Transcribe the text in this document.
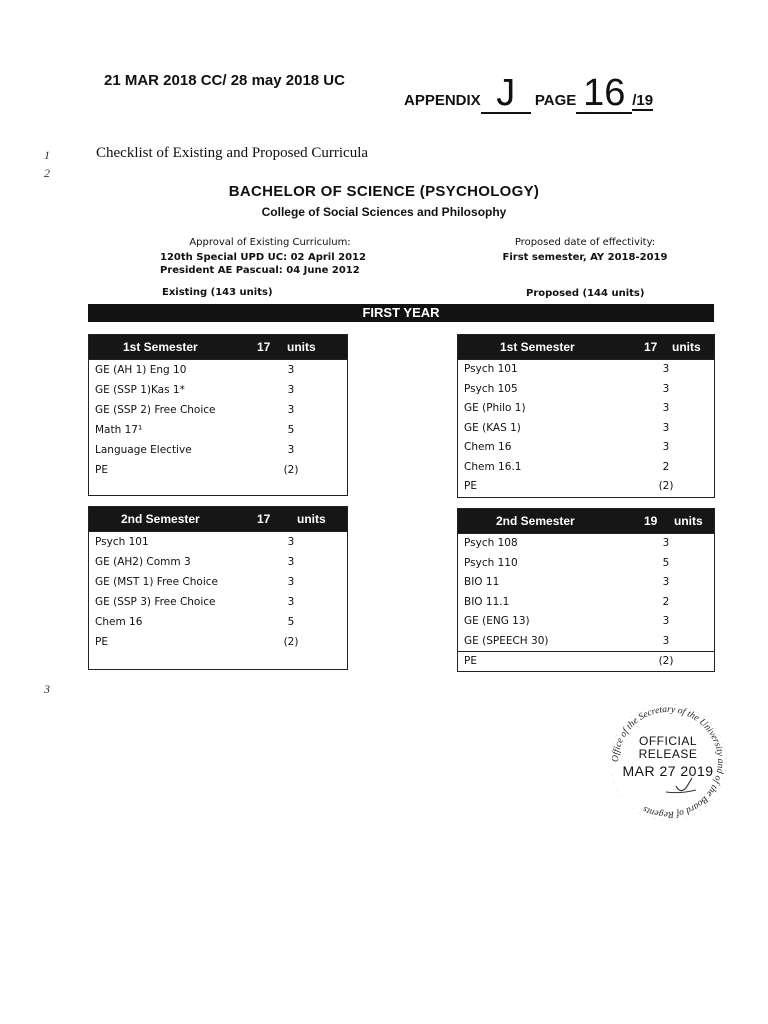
21 MAR 2018 CC/ 28 may 2018 UC
APPENDIX J PAGE 16 /19
1
2
3
Checklist of Existing and Proposed Curricula
BACHELOR OF SCIENCE (PSYCHOLOGY)
College of Social Sciences and Philosophy
Approval of Existing Curriculum:
120th Special UPD UC: 02 April 2012
President AE Pascual: 04 June 2012
Proposed date of effectivity:
First semester, AY 2018-2019
Existing (143 units)	Proposed (144 units)
FIRST YEAR
1st Semester	17 units
GE (AH 1) Eng 10	3
GE (SSP 1)Kas 1*	3
GE (SSP 2) Free Choice	3
Math 17¹	5
Language Elective	3
PE	(2)
2nd Semester	17 units
Psych 101	3
GE (AH2) Comm 3	3
GE (MST 1) Free Choice	3
GE (SSP 3) Free Choice	3
Chem 16	5
PE	(2)
1st Semester	17 units
Psych 101	3
Psych 105	3
GE (Philo 1)	3
GE (KAS 1)	3
Chem 16	3
Chem 16.1	2
PE	(2)
2nd Semester	19 units
Psych 108	3
Psych 110	5
BIO 11	3
BIO 11.1	2
GE (ENG 13)	3
GE (SPEECH 30)	3
PE	(2)
Office of the Secretary of the University and of the Board of Regents
OFFICIAL
RELEASE
MAR 27 2019
